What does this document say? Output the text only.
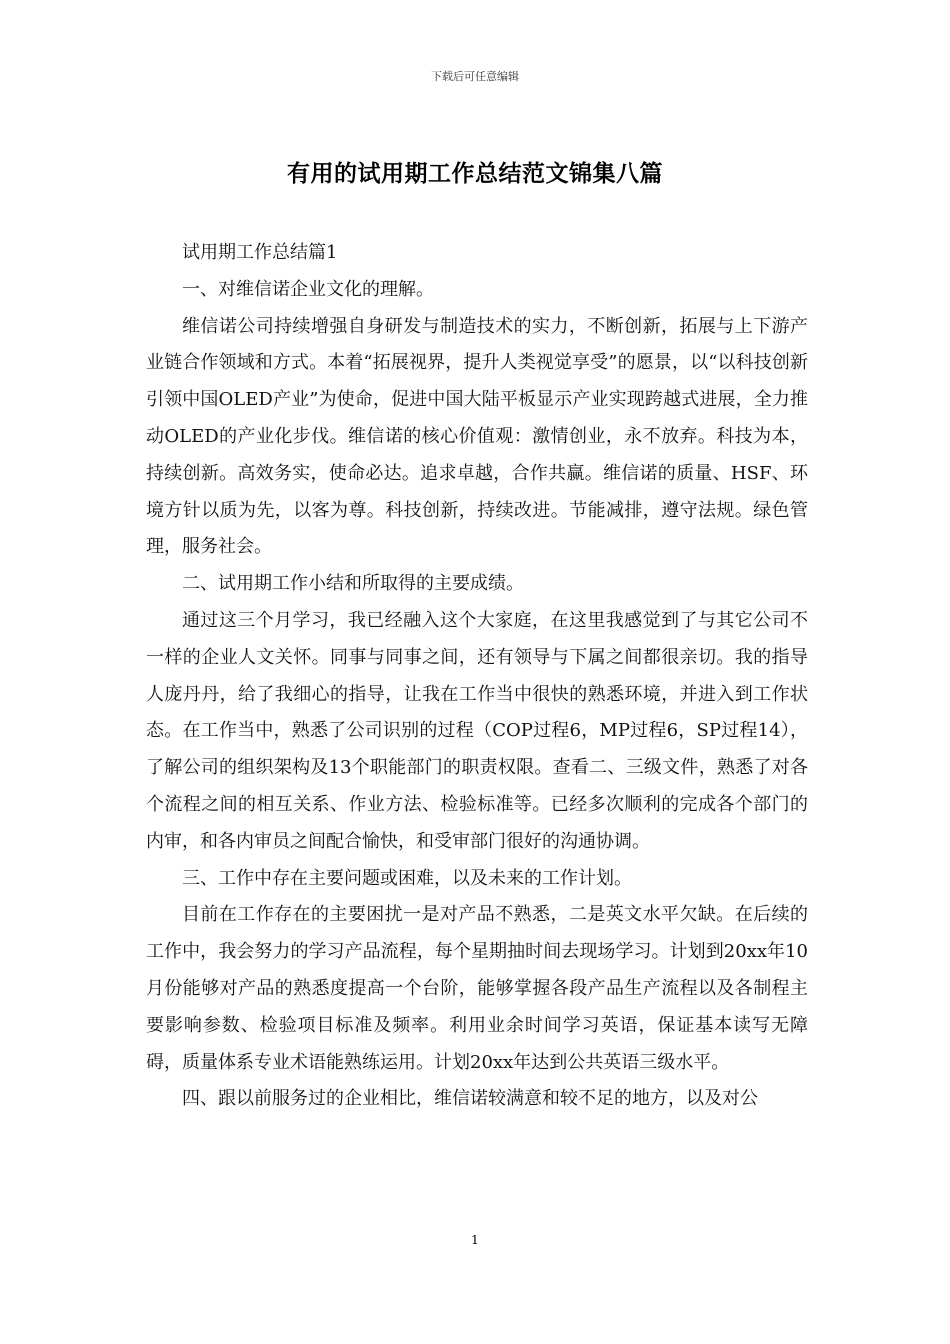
下载后可任意编辑
有用的试用期工作总结范文锦集八篇

试用期工作总结篇1

一、对维信诺企业文化的理解。

维信诺公司持续增强自身研发与制造技术的实力，不断创新，拓展与上下游产业链合作领域和方式。本着“拓展视界，提升人类视觉享受”的愿景，以“以科技创新引领中国OLED产业”为使命，促进中国大陆平板显示产业实现跨越式进展，全力推动OLED的产业化步伐。维信诺的核心价值观：激情创业，永不放弃。科技为本，持续创新。高效务实，使命必达。追求卓越，合作共赢。维信诺的质量、HSF、环境方针以质为先，以客为尊。科技创新，持续改进。节能减排，遵守法规。绿色管理，服务社会。

二、试用期工作小结和所取得的主要成绩。

通过这三个月学习，我已经融入这个大家庭，在这里我感觉到了与其它公司不一样的企业人文关怀。同事与同事之间，还有领导与下属之间都很亲切。我的指导人庞丹丹，给了我细心的指导，让我在工作当中很快的熟悉环境，并进入到工作状态。在工作当中，熟悉了公司识别的过程（COP过程6，MP过程6，SP过程14），了解公司的组织架构及13个职能部门的职责权限。查看二、三级文件，熟悉了对各个流程之间的相互关系、作业方法、检验标准等。已经多次顺利的完成各个部门的内审，和各内审员之间配合愉快，和受审部门很好的沟通协调。

三、工作中存在主要问题或困难，以及未来的工作计划。

目前在工作存在的主要困扰一是对产品不熟悉，二是英文水平欠缺。在后续的工作中，我会努力的学习产品流程，每个星期抽时间去现场学习。计划到20xx年10月份能够对产品的熟悉度提高一个台阶，能够掌握各段产品生产流程以及各制程主要影响参数、检验项目标准及频率。利用业余时间学习英语，保证基本读写无障碍，质量体系专业术语能熟练运用。计划20xx年达到公共英语三级水平。

四、跟以前服务过的企业相比，维信诺较满意和较不足的地方，以及对公

1
